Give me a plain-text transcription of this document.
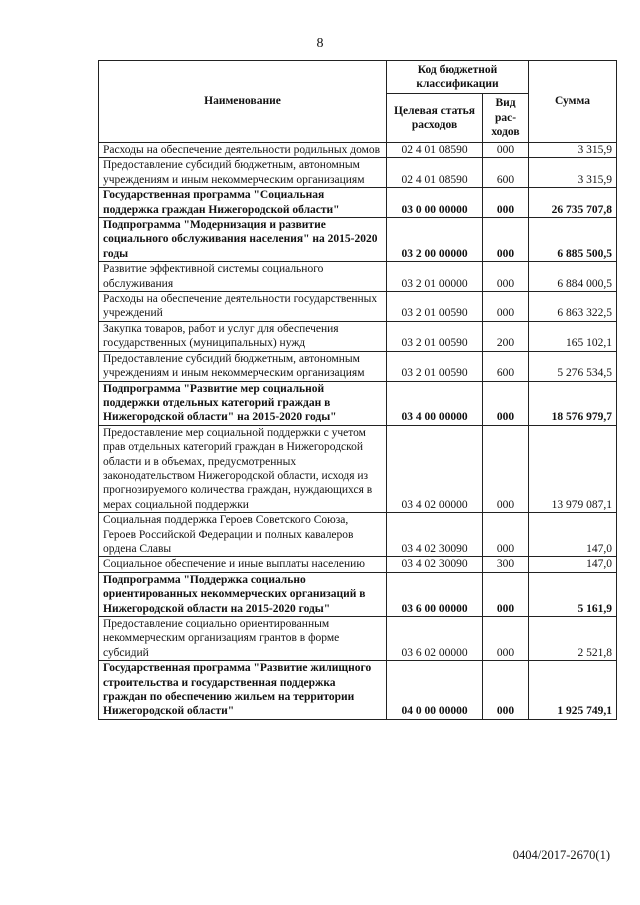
8
Наименование	Код бюджетной классификации		Сумма
	Целевая статья расходов	Вид рас-ходов	
Расходы на обеспечение деятельности родильных домов	02 4 01 08590	000	3 315,9
Предоставление субсидий бюджетным, автономным учреждениям и иным некоммерческим организациям	02 4 01 08590	600	3 315,9
Государственная программа "Социальная поддержка граждан Нижегородской области"	03 0 00 00000	000	26 735 707,8
Подпрограмма "Модернизация и развитие социального обслуживания населения" на 2015-2020 годы	03 2 00 00000	000	6 885 500,5
Развитие эффективной системы социального обслуживания	03 2 01 00000	000	6 884 000,5
Расходы на обеспечение деятельности государственных учреждений	03 2 01 00590	000	6 863 322,5
Закупка товаров, работ и услуг для обеспечения государственных (муниципальных) нужд	03 2 01 00590	200	165 102,1
Предоставление субсидий бюджетным, автономным учреждениям и иным некоммерческим организациям	03 2 01 00590	600	5 276 534,5
Подпрограмма "Развитие мер социальной поддержки отдельных категорий граждан в Нижегородской области" на 2015-2020 годы"	03 4 00 00000	000	18 576 979,7
Предоставление мер социальной поддержки с учетом прав отдельных категорий граждан в Нижегородской области и в объемах, предусмотренных законодательством Нижегородской области, исходя из прогнозируемого количества граждан, нуждающихся в мерах социальной поддержки	03 4 02 00000	000	13 979 087,1
Социальная поддержка Героев Советского Союза, Героев Российской Федерации и полных кавалеров ордена Славы	03 4 02 30090	000	147,0
Социальное обеспечение и иные выплаты населению	03 4 02 30090	300	147,0
Подпрограмма "Поддержка социально ориентированных некоммерческих организаций в Нижегородской области на 2015-2020 годы"	03 6 00 00000	000	5 161,9
Предоставление социально ориентированным некоммерческим организациям грантов в форме субсидий	03 6 02 00000	000	2 521,8
Государственная программа "Развитие жилищного строительства и государственная поддержка граждан по обеспечению жильем на территории Нижегородской области"	04 0 00 00000	000	1 925 749,1
0404/2017-2670(1)
